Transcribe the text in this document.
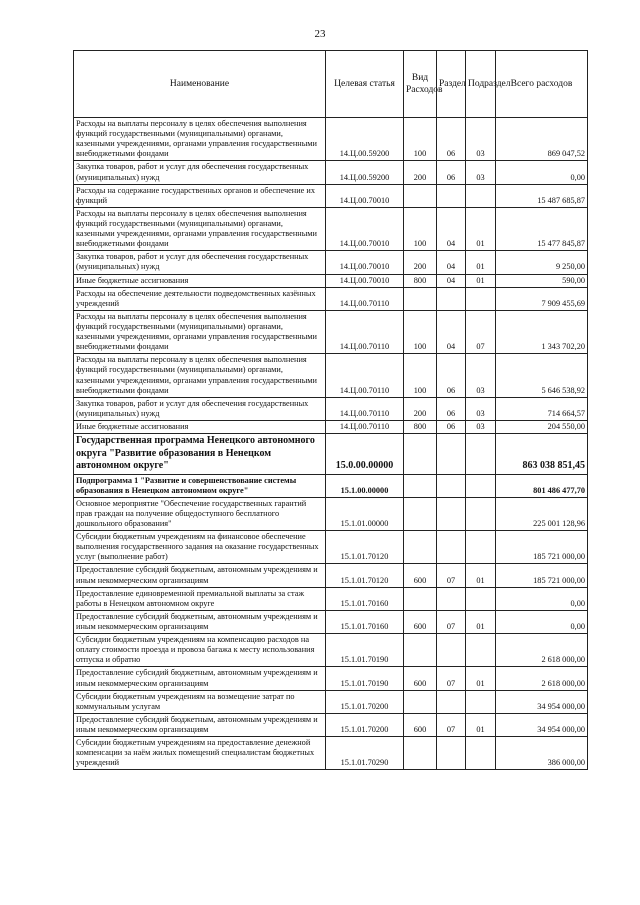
23
Наименование	Целевая статья	Вид Расходов	Раздел	Подраздел	Всего расходов
Расходы на выплаты персоналу в целях обеспечения выполнения функций государственными (муниципальными) органами, казенными учреждениями, органами управления государственными внебюджетными фондами	14.Ц.00.59200	100	06	03	869 047,52
Закупка товаров, работ и услуг для обеспечения государственных (муниципальных) нужд	14.Ц.00.59200	200	06	03	0,00
Расходы на содержание государственных органов и обеспечение их функций	14.Ц.00.70010				15 487 685,87
Расходы на выплаты персоналу в целях обеспечения выполнения функций государственными (муниципальными) органами, казенными учреждениями, органами управления государственными внебюджетными фондами	14.Ц.00.70010	100	04	01	15 477 845,87
Закупка товаров, работ и услуг для обеспечения государственных (муниципальных) нужд	14.Ц.00.70010	200	04	01	9 250,00
Иные бюджетные ассигнования	14.Ц.00.70010	800	04	01	590,00
Расходы на обеспечение деятельности подведомственных казённых учреждений	14.Ц.00.70110				7 909 455,69
Расходы на выплаты персоналу в целях обеспечения выполнения функций государственными (муниципальными) органами, казенными учреждениями, органами управления государственными внебюджетными фондами	14.Ц.00.70110	100	04	07	1 343 702,20
Расходы на выплаты персоналу в целях обеспечения выполнения функций государственными (муниципальными) органами, казенными учреждениями, органами управления государственными внебюджетными фондами	14.Ц.00.70110	100	06	03	5 646 538,92
Закупка товаров, работ и услуг для обеспечения государственных (муниципальных) нужд	14.Ц.00.70110	200	06	03	714 664,57
Иные бюджетные ассигнования	14.Ц.00.70110	800	06	03	204 550,00
Государственная программа Ненецкого автономного округа "Развитие образования в Ненецком автономном округе"	15.0.00.00000				863 038 851,45
Подпрограмма 1 "Развитие и совершенствование системы образования в Ненецком автономном округе"	15.1.00.00000				801 486 477,70
Основное мероприятие "Обеспечение государственных гарантий прав граждан на получение общедоступного бесплатного дошкольного образования"	15.1.01.00000				225 001 128,96
Субсидии бюджетным учреждениям на финансовое обеспечение выполнения государственного задания на оказание государственных услуг (выполнение работ)	15.1.01.70120				185 721 000,00
Предоставление субсидий бюджетным, автономным учреждениям и иным некоммерческим организациям	15.1.01.70120	600	07	01	185 721 000,00
Предоставление единовременной премиальной выплаты за стаж работы в Ненецком автономном округе	15.1.01.70160				0,00
Предоставление субсидий бюджетным, автономным учреждениям и иным некоммерческим организациям	15.1.01.70160	600	07	01	0,00
Субсидии бюджетным учреждениям на компенсацию расходов на оплату стоимости проезда и провоза багажа к месту использования отпуска и обратно	15.1.01.70190				2 618 000,00
Предоставление субсидий бюджетным, автономным учреждениям и иным некоммерческим организациям	15.1.01.70190	600	07	01	2 618 000,00
Субсидии бюджетным учреждениям на возмещение затрат по коммунальным услугам	15.1.01.70200				34 954 000,00
Предоставление субсидий бюджетным, автономным учреждениям и иным некоммерческим организациям	15.1.01.70200	600	07	01	34 954 000,00
Субсидии бюджетным учреждениям на предоставление денежной компенсации за наём жилых помещений специалистам бюджетных учреждений	15.1.01.70290				386 000,00
